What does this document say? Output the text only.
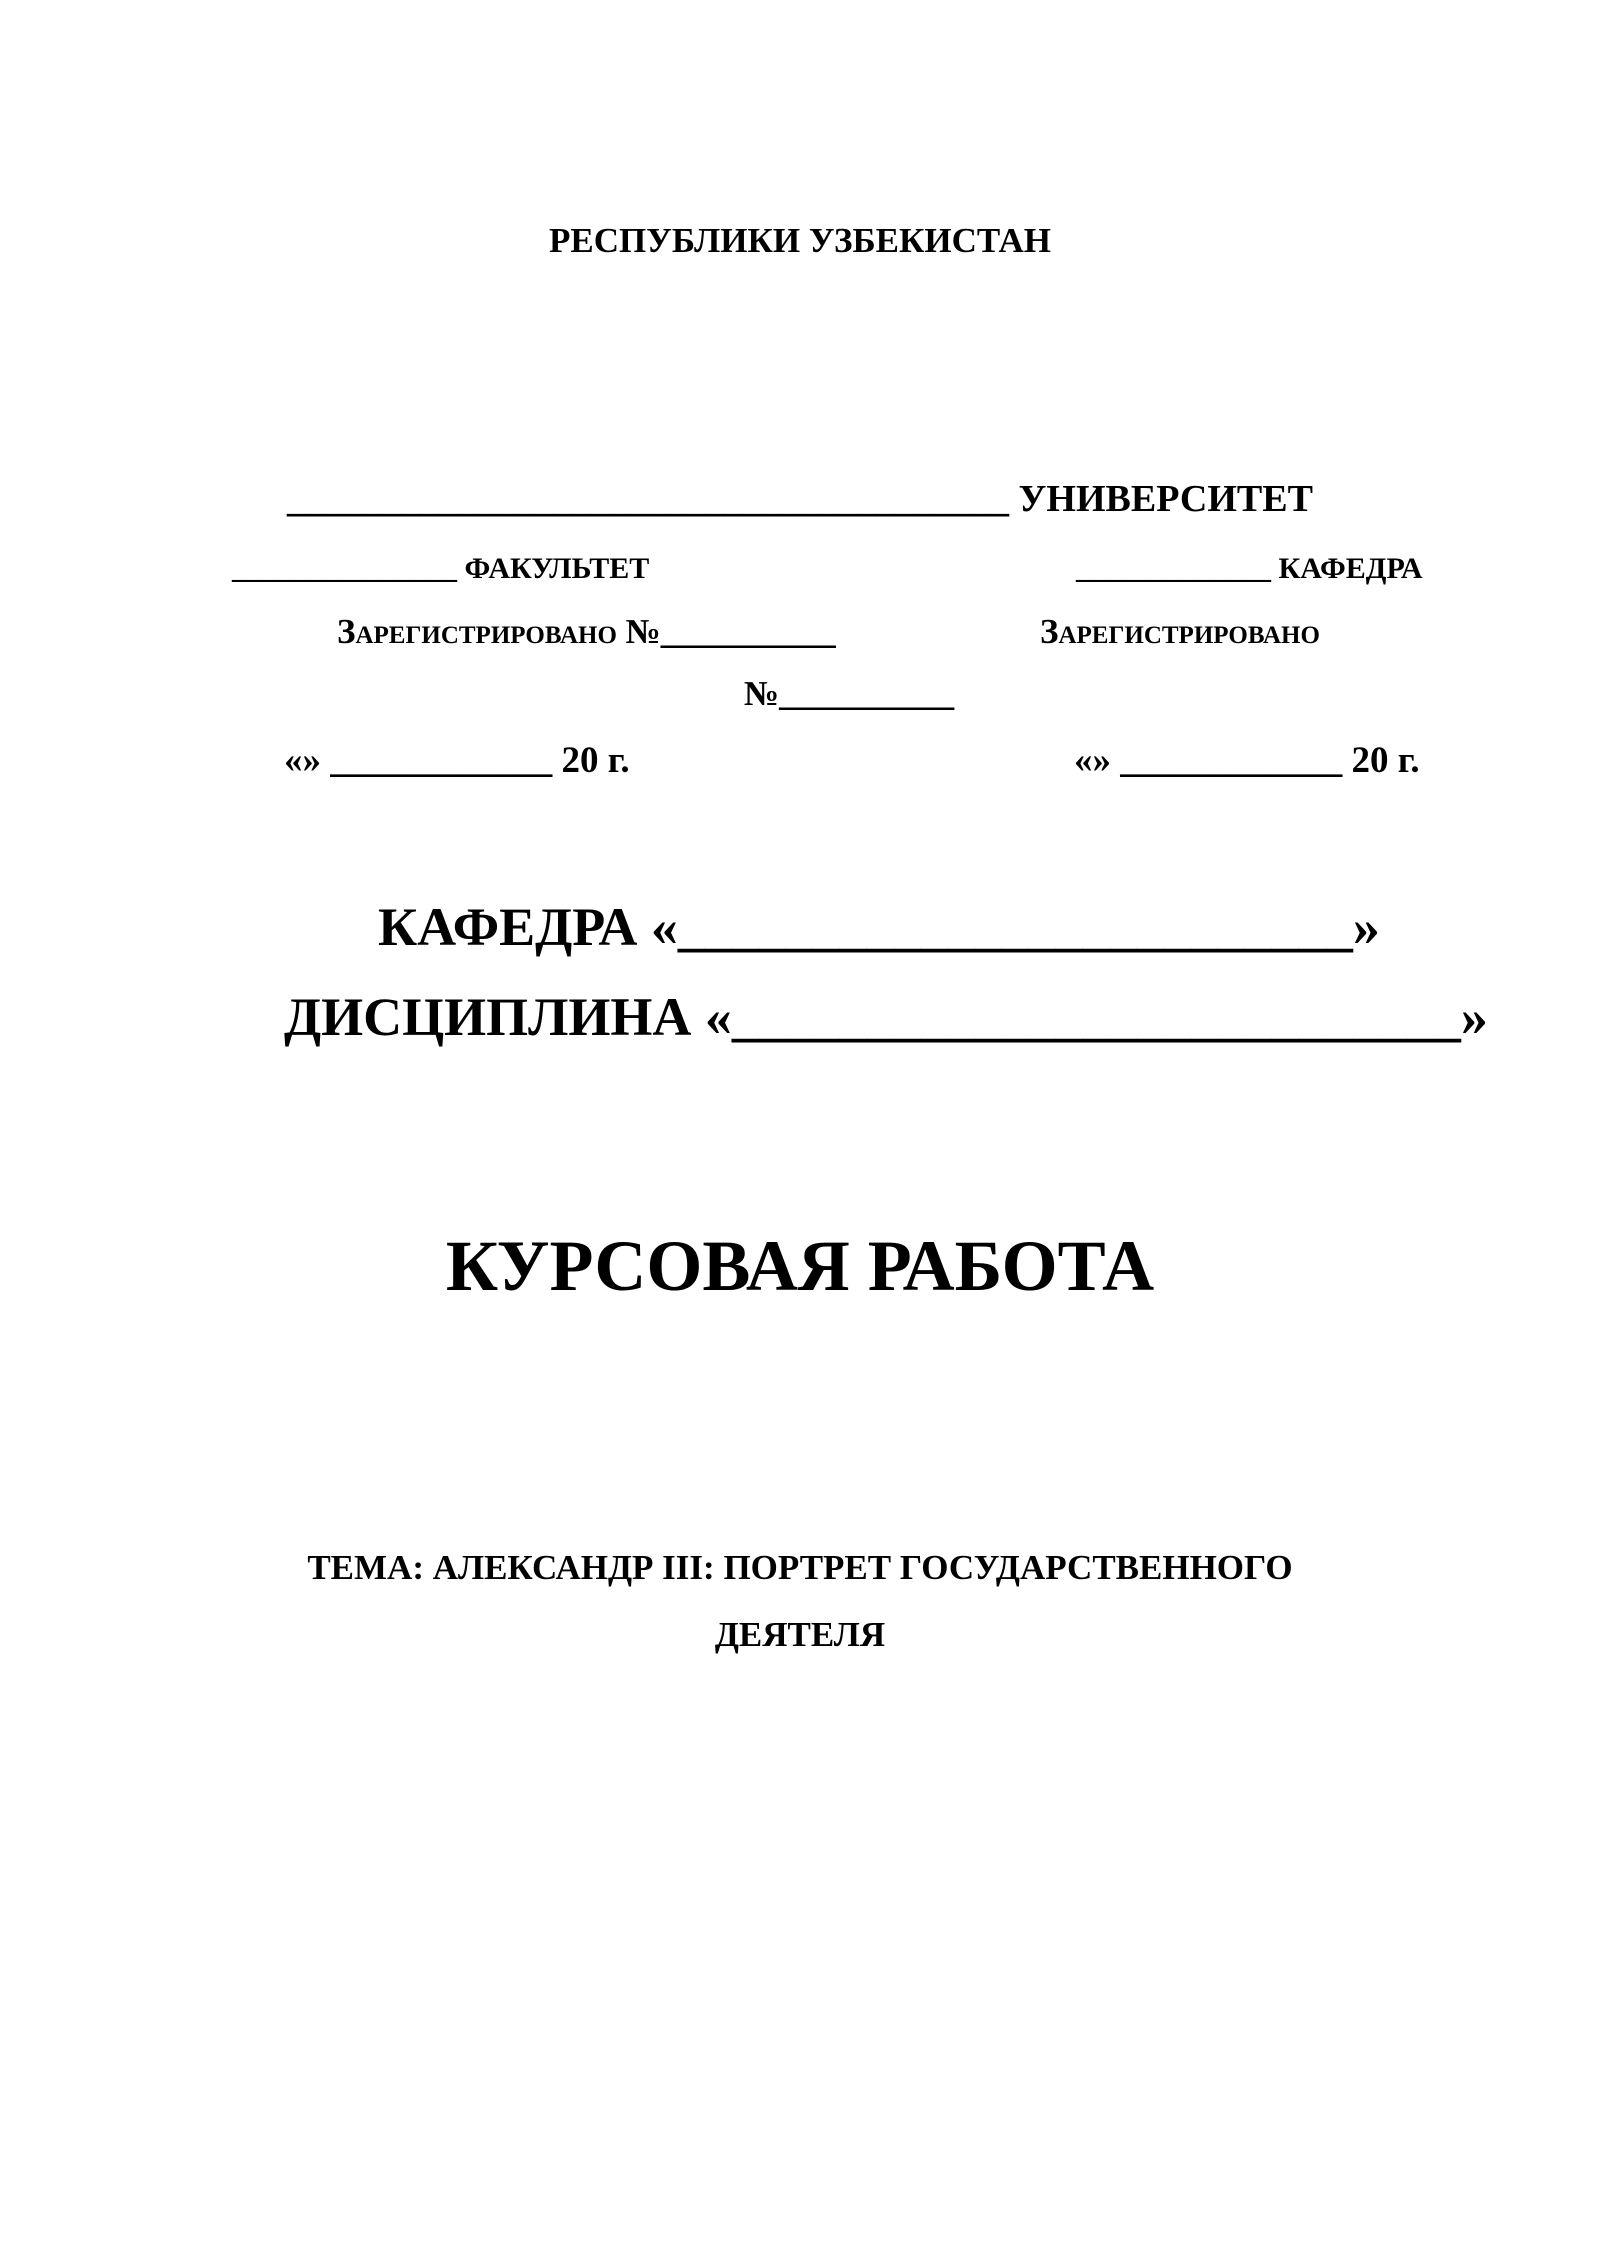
РЕСПУБЛИКИ УЗБЕКИСТАН
______________________________________ УНИВЕРСИТЕТ
_______________ ФАКУЛЬТЕТ	_____________ КАФЕДРА
Зарегистрировано №__________	Зарегистрировано
№__________
«» ____________ 20 г.	«» ____________ 20 г.
КАФЕДРА «_________________________»
ДИСЦИПЛИНА «___________________________»
КУРСОВАЯ РАБОТА
ТЕМА: АЛЕКСАНДР III: ПОРТРЕТ ГОСУДАРСТВЕННОГО
ДЕЯТЕЛЯ
